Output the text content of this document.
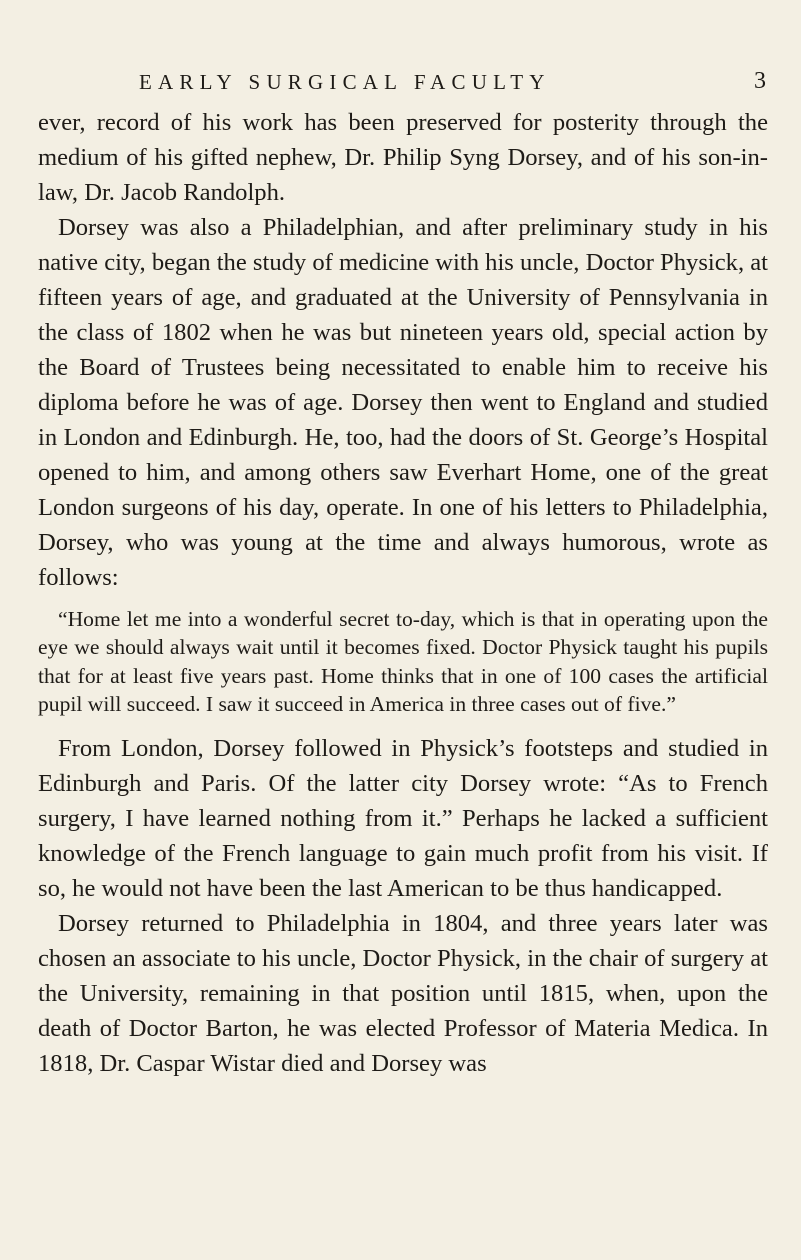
EARLY SURGICAL FACULTY	3

ever, record of his work has been preserved for posterity through the medium of his gifted nephew, Dr. Philip Syng Dorsey, and of his son-in-law, Dr. Jacob Randolph.

Dorsey was also a Philadelphian, and after preliminary study in his native city, began the study of medicine with his uncle, Doctor Physick, at fifteen years of age, and graduated at the University of Pennsylvania in the class of 1802 when he was but nineteen years old, special action by the Board of Trustees being necessitated to enable him to receive his diploma before he was of age. Dorsey then went to England and studied in London and Edinburgh. He, too, had the doors of St. George’s Hospital opened to him, and among others saw Everhart Home, one of the great London surgeons of his day, operate. In one of his letters to Philadelphia, Dorsey, who was young at the time and always humorous, wrote as follows:

“Home let me into a wonderful secret to-day, which is that in operating upon the eye we should always wait until it becomes fixed. Doctor Physick taught his pupils that for at least five years past. Home thinks that in one of 100 cases the artificial pupil will succeed. I saw it succeed in America in three cases out of five.”

From London, Dorsey followed in Physick’s footsteps and studied in Edinburgh and Paris. Of the latter city Dorsey wrote: “As to French surgery, I have learned nothing from it.” Perhaps he lacked a sufficient knowledge of the French language to gain much profit from his visit. If so, he would not have been the last American to be thus handicapped.

Dorsey returned to Philadelphia in 1804, and three years later was chosen an associate to his uncle, Doctor Physick, in the chair of surgery at the University, remaining in that position until 1815, when, upon the death of Doctor Barton, he was elected Professor of Materia Medica. In 1818, Dr. Caspar Wistar died and Dorsey was
